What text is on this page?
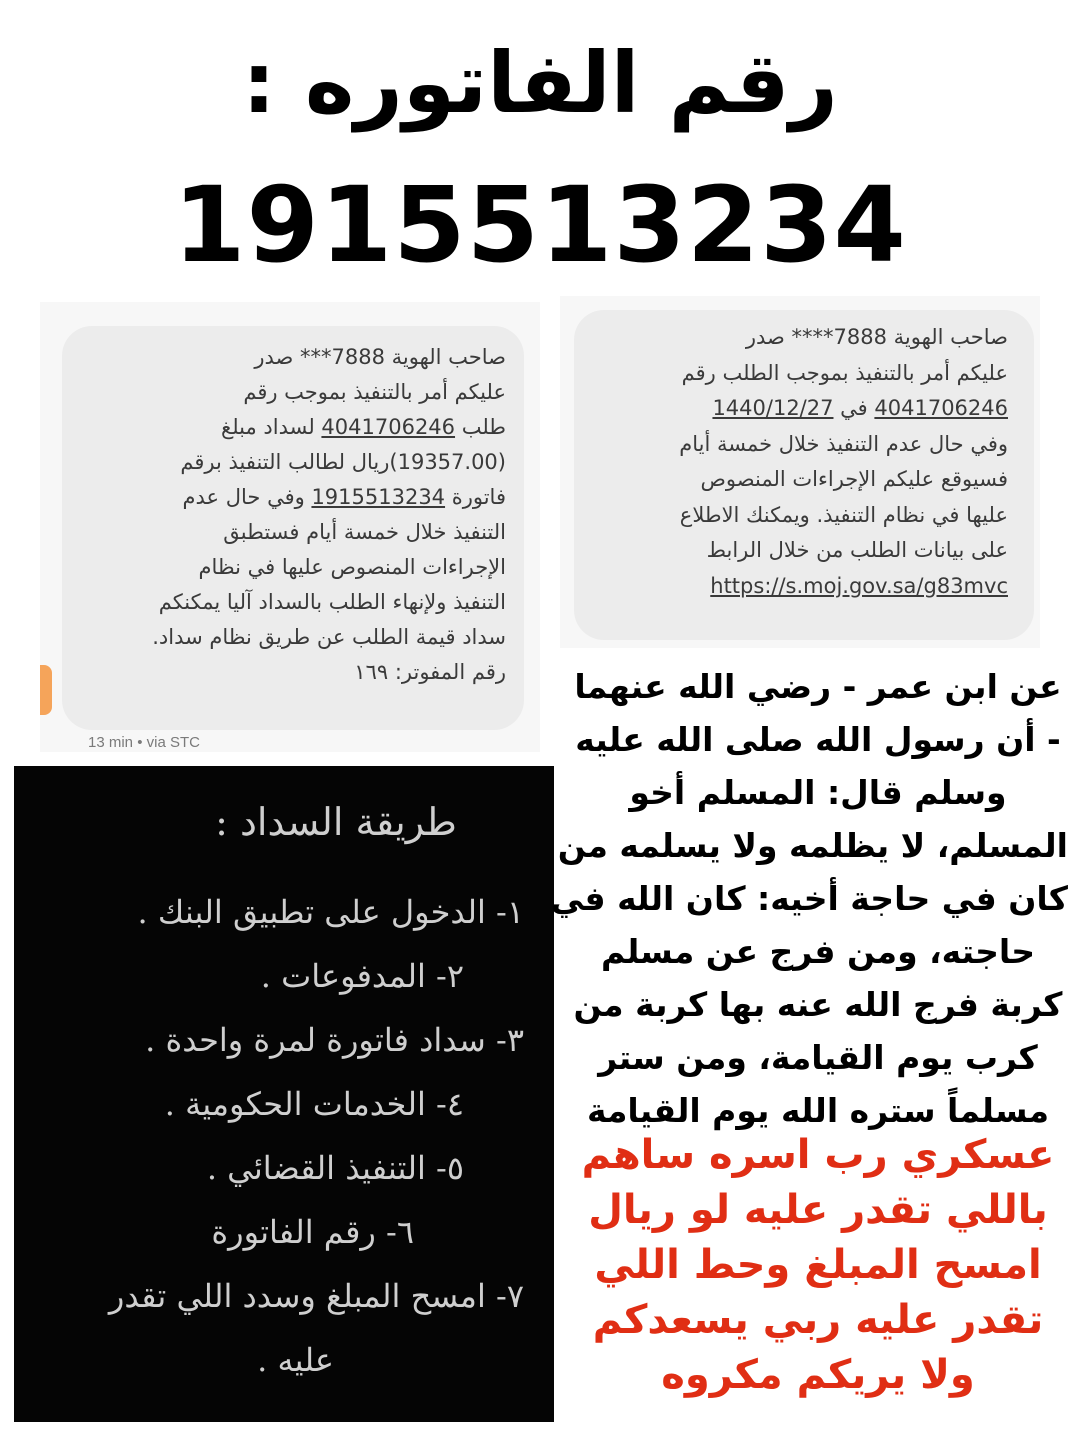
رقم الفاتوره :
1915513234

صاحب الهوية 7888*** صدر

عليكم أمر بالتنفيذ بموجب رقم

طلب 4041706246 لسداد مبلغ

(19357.00)ريال لطالب التنفيذ برقم

فاتورة 1915513234 وفي حال عدم

التنفيذ خلال خمسة أيام فستطبق

الإجراءات المنصوص عليها في نظام

التنفيذ ولإنهاء الطلب بالسداد آليا يمكنكم

سداد قيمة الطلب عن طريق نظام سداد.

رقم المفوتر: ١٦٩

13 min • via STC

صاحب الهوية 7888**** صدر

عليكم أمر بالتنفيذ بموجب الطلب رقم

4041706246 في 1440/12/27

وفي حال عدم التنفيذ خلال خمسة أيام

فسيوقع عليكم الإجراءات المنصوص

عليها في نظام التنفيذ. ويمكنك الاطلاع

على بيانات الطلب من خلال الرابط

https://s.moj.gov.sa/g83mvc

طريقة السداد :
١- الدخول على تطبيق البنك .
٢- المدفوعات .
٣- سداد فاتورة لمرة واحدة .
٤- الخدمات الحكومية .
٥- التنفيذ القضائي .
٦- رقم الفاتورة
٧- امسح المبلغ وسدد اللي تقدر
عليه .

عن ابن عمر - رضي الله عنهما

- أن رسول الله صلى الله عليه

وسلم قال: المسلم أخو

المسلم، لا يظلمه ولا يسلمه من

كان في حاجة أخيه: كان الله في

حاجته، ومن فرج عن مسلم

كربة فرج الله عنه بها كربة من

كرب يوم القيامة، ومن ستر

مسلماً ستره الله يوم القيامة

عسكري رب اسره ساهم

باللي تقدر عليه لو ريال

امسح المبلغ وحط اللي

تقدر عليه ربي يسعدكم

ولا يريكم مكروه
